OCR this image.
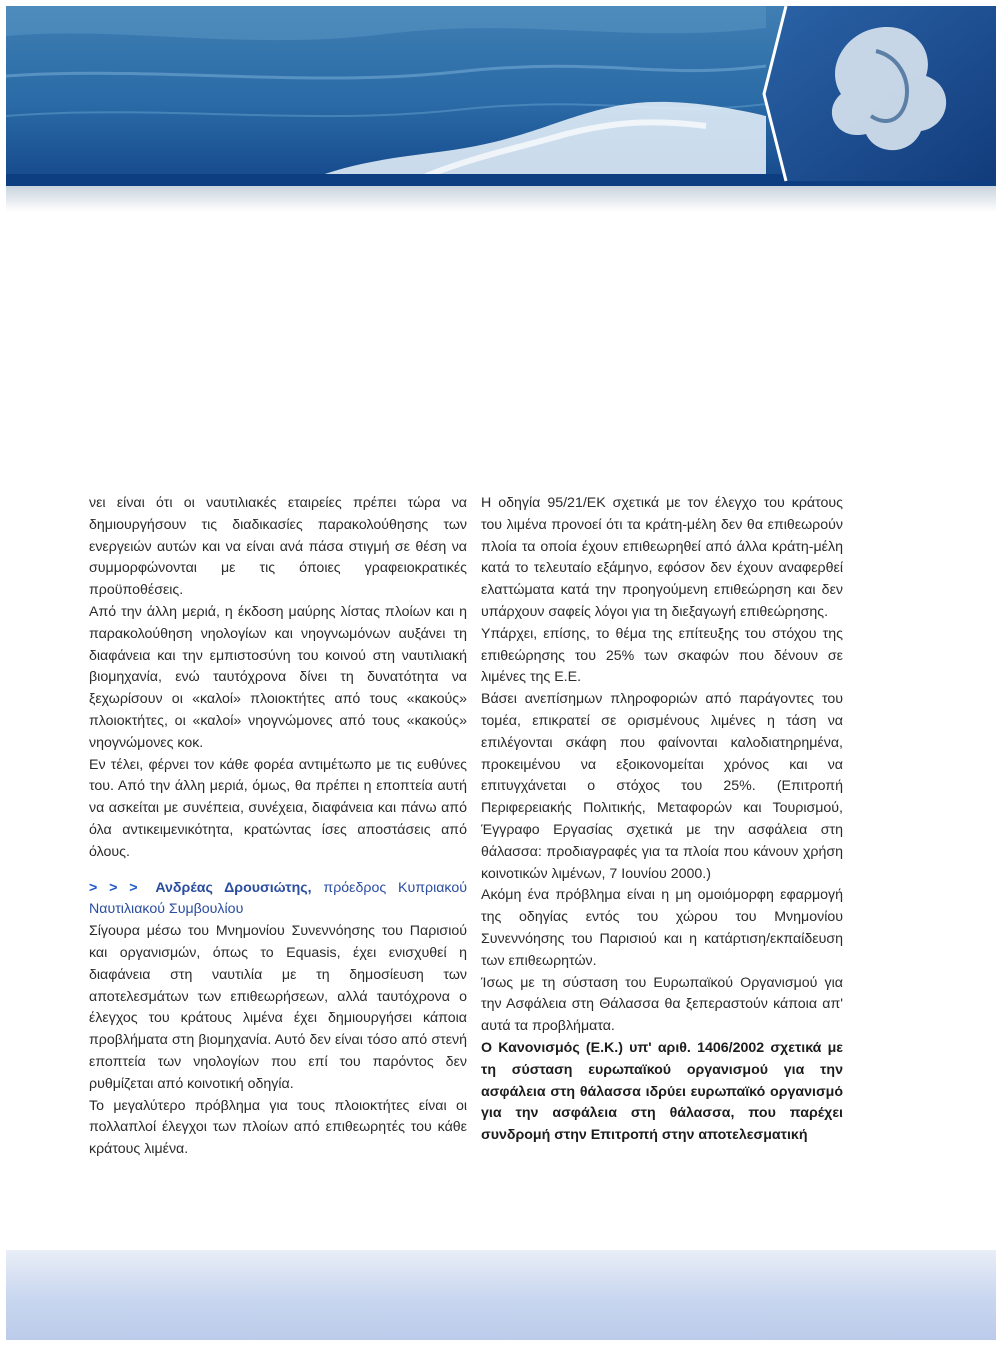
νει είναι ότι οι ναυτιλιακές εταιρείες πρέπει τώρα να δημιουργήσουν τις διαδικασίες παρακολούθησης των ενεργειών αυτών και να είναι ανά πάσα στιγμή σε θέση να συμμορφώνονται με τις όποιες γραφειοκρατικές προϋποθέσεις.

Από την άλλη μεριά, η έκδοση μαύρης λίστας πλοίων και η παρακολούθηση νηολογίων και νηογνωμόνων αυξάνει τη διαφάνεια και την εμπιστοσύνη του κοινού στη ναυτιλιακή βιομηχανία, ενώ ταυτόχρονα δίνει τη δυνατότητα να ξεχωρίσουν οι «καλοί» πλοιοκτήτες από τους «κακούς» πλοιοκτήτες, οι «καλοί» νηογνώμονες από τους «κακούς» νηογνώμονες κοκ.

Εν τέλει, φέρνει τον κάθε φορέα αντιμέτωπο με τις ευθύνες του. Από την άλλη μεριά, όμως, θα πρέπει η εποπτεία αυτή να ασκείται με συνέπεια, συνέχεια, διαφάνεια και πάνω από όλα αντικειμενικότητα, κρατώντας ίσες αποστάσεις από όλους.

> > > Ανδρέας Δρουσιώτης, πρόεδρος Κυπριακού Ναυτιλιακού Συμβουλίου

Σίγουρα μέσω του Μνημονίου Συνεννόησης του Παρισιού και οργανισμών, όπως το Equasis, έχει ενισχυθεί η διαφάνεια στη ναυτιλία με τη δημοσίευση των αποτελεσμάτων των επιθεωρήσεων, αλλά ταυτόχρονα ο έλεγχος του κράτους λιμένα έχει δημιουργήσει κάποια προβλήματα στη βιομηχανία. Αυτό δεν είναι τόσο από στενή εποπτεία των νηολογίων που επί του παρόντος δεν ρυθμίζεται από κοινοτική οδηγία.

Το μεγαλύτερο πρόβλημα για τους πλοιοκτήτες είναι οι πολλαπλοί έλεγχοι των πλοίων από επιθεωρητές του κάθε κράτους λιμένα.

Η οδηγία 95/21/ΕΚ σχετικά με τον έλεγχο του κράτους του λιμένα προνοεί ότι τα κράτη-μέλη δεν θα επιθεωρούν πλοία τα οποία έχουν επιθεωρηθεί από άλλα κράτη-μέλη κατά το τελευταίο εξάμηνο, εφόσον δεν έχουν αναφερθεί ελαττώματα κατά την προηγούμενη επιθεώρηση και δεν υπάρχουν σαφείς λόγοι για τη διεξαγωγή επιθεώρησης.

Υπάρχει, επίσης, το θέμα της επίτευξης του στόχου της επιθεώρησης του 25% των σκαφών που δένουν σε λιμένες της Ε.Ε.

Βάσει ανεπίσημων πληροφοριών από παράγοντες του τομέα, επικρατεί σε ορισμένους λιμένες η τάση να επιλέγονται σκάφη που φαίνονται καλοδιατηρημένα, προκειμένου να εξοικονομείται χρόνος και να επιτυγχάνεται ο στόχος του 25%. (Επιτροπή Περιφερειακής Πολιτικής, Μεταφορών και Τουρισμού, Έγγραφο Εργασίας σχετικά με την ασφάλεια στη θάλασσα: προδιαγραφές για τα πλοία που κάνουν χρήση κοινοτικών λιμένων, 7 Ιουνίου 2000.)

Ακόμη ένα πρόβλημα είναι η μη ομοιόμορφη εφαρμογή της οδηγίας εντός του χώρου του Μνημονίου Συνεννόησης του Παρισιού και η κατάρτιση/εκπαίδευση των επιθεωρητών.

Ίσως με τη σύσταση του Ευρωπαϊκού Οργανισμού για την Ασφάλεια στη Θάλασσα θα ξεπεραστούν κάποια απ' αυτά τα προβλήματα.

Ο Κανονισμός (Ε.Κ.) υπ' αριθ. 1406/2002 σχετικά με τη σύσταση ευρωπαϊκού οργανισμού για την ασφάλεια στη θάλασσα ιδρύει ευρωπαϊκό οργανισμό για την ασφάλεια στη θάλασσα, που παρέχει συνδρομή στην Επιτροπή στην αποτελεσματική
